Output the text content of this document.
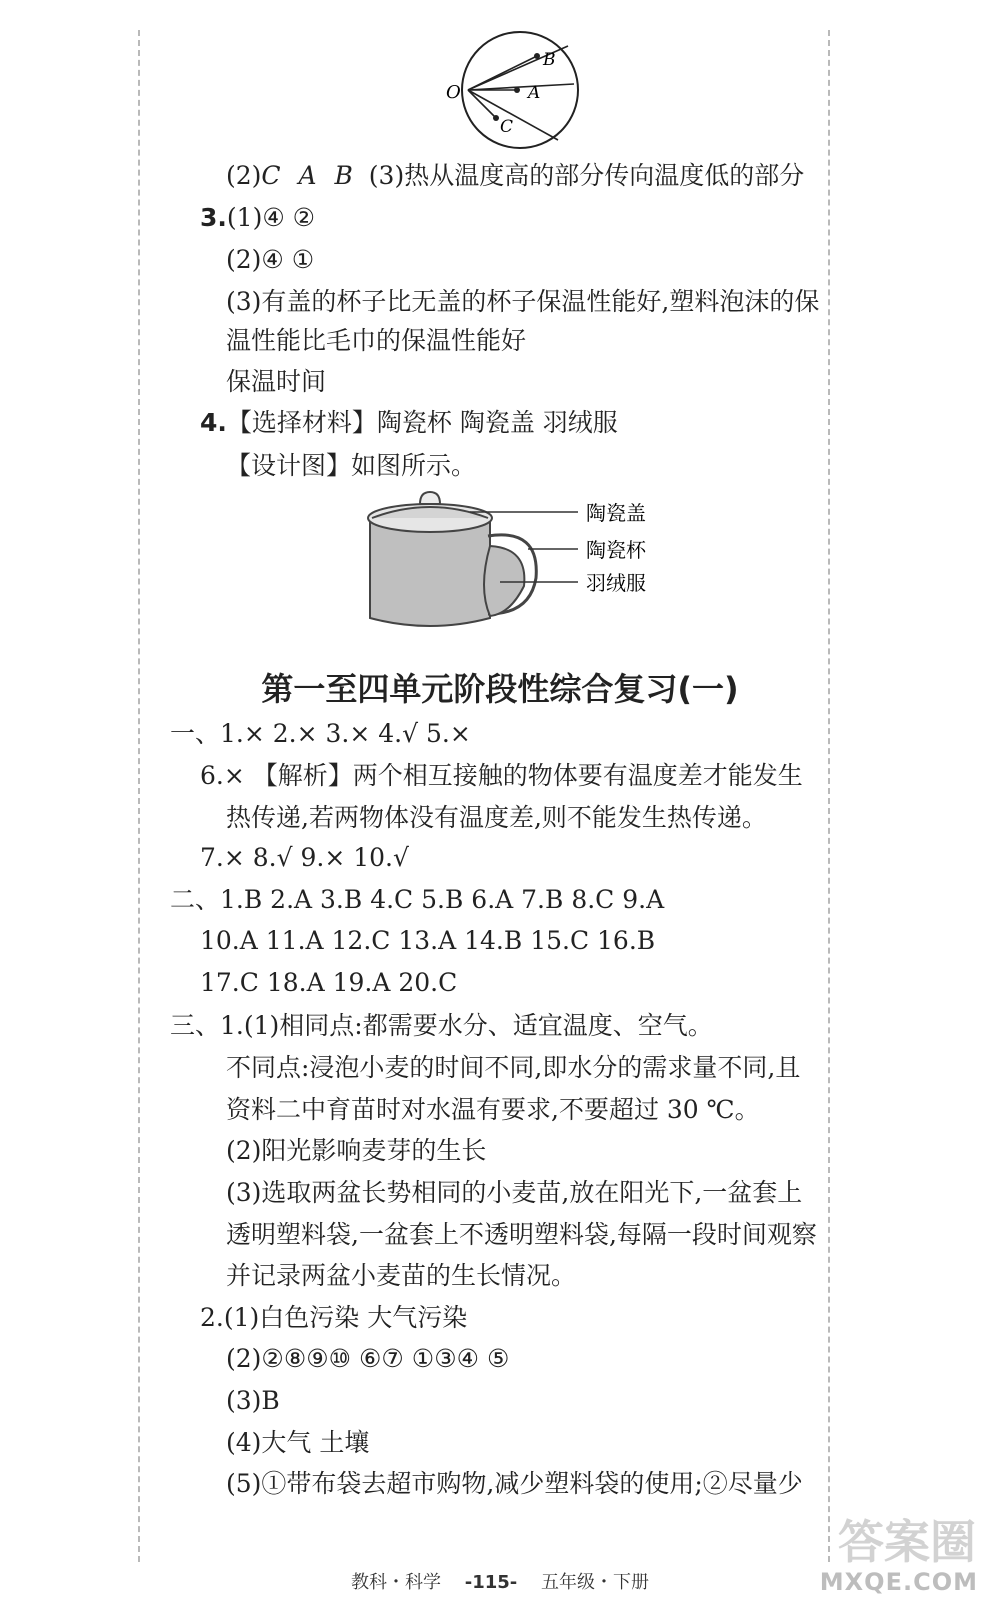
O
B
A
C
(2)C A B (3)热从温度高的部分传向温度低的部分
3.(1)④ ②
(2)④ ①
(3)有盖的杯子比无盖的杯子保温性能好,塑料泡沫的保
温性能比毛巾的保温性能好
保温时间
4.【选择材料】陶瓷杯 陶瓷盖 羽绒服
【设计图】如图所示。
陶瓷盖
陶瓷杯
羽绒服
第一至四单元阶段性综合复习(一)
一、1.× 2.× 3.× 4.√ 5.×
6.× 【解析】两个相互接触的物体要有温度差才能发生
热传递,若两物体没有温度差,则不能发生热传递。
7.× 8.√ 9.× 10.√
二、1.B 2.A 3.B 4.C 5.B 6.A 7.B 8.C 9.A
10.A 11.A 12.C 13.A 14.B 15.C 16.B
17.C 18.A 19.A 20.C
三、1.(1)相同点:都需要水分、适宜温度、空气。
不同点:浸泡小麦的时间不同,即水分的需求量不同,且
资料二中育苗时对水温有要求,不要超过 30 ℃。
(2)阳光影响麦芽的生长
(3)选取两盆长势相同的小麦苗,放在阳光下,一盆套上
透明塑料袋,一盆套上不透明塑料袋,每隔一段时间观察
并记录两盆小麦苗的生长情况。
2.(1)白色污染 大气污染
(2)②⑧⑨⑩ ⑥⑦ ①③④ ⑤
(3)B
(4)大气 土壤
(5)①带布袋去超市购物,减少塑料袋的使用;②尽量少
教科・科学 -115- 五年级・下册
答案圈
MXQE.COM
